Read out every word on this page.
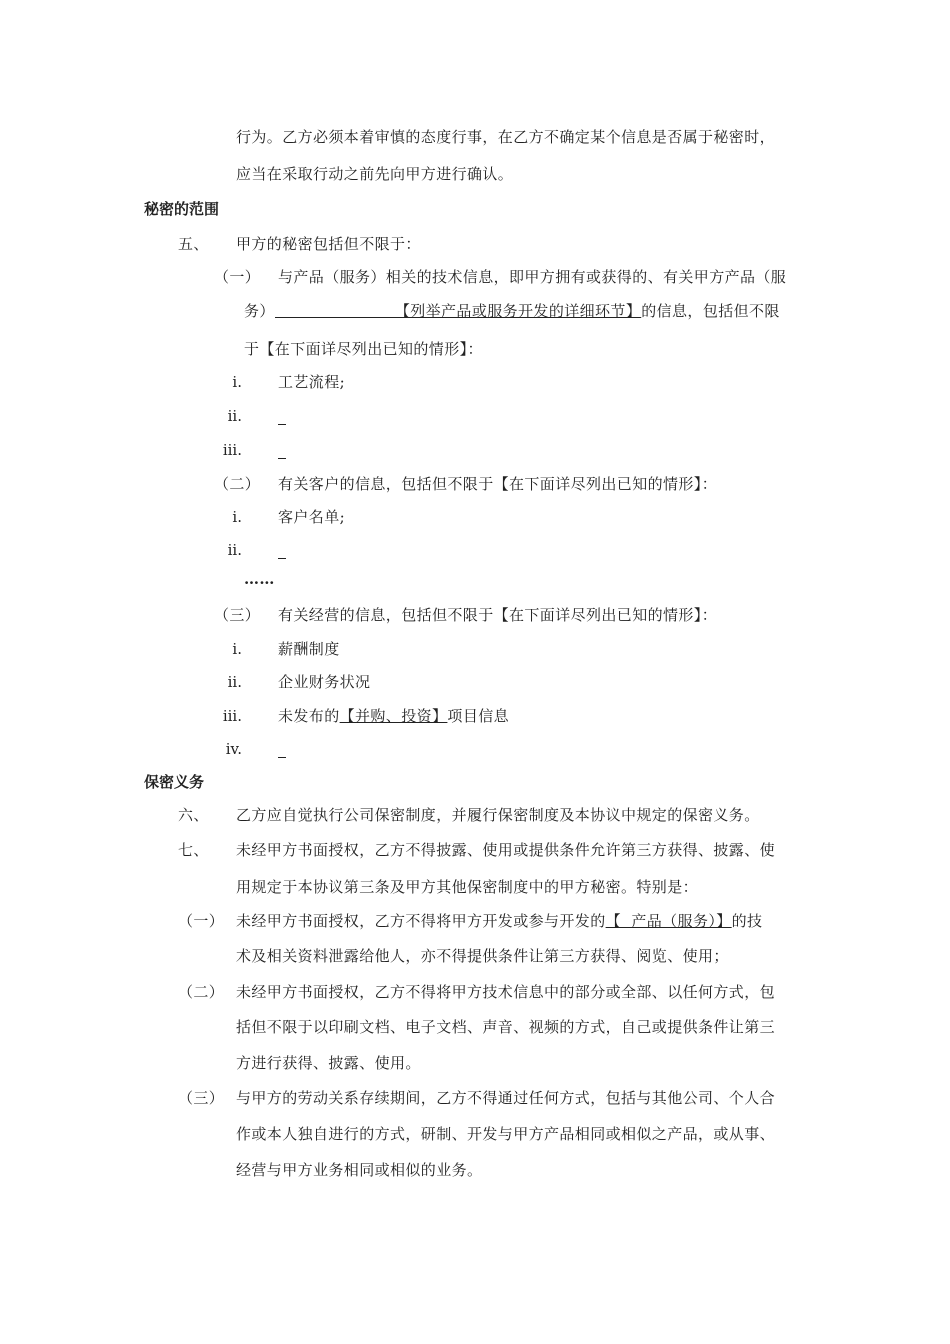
行为。乙方必须本着审慎的态度行事，在乙方不确定某个信息是否属于秘密时，
应当在采取行动之前先向甲方进行确认。
秘密的范围
五、 甲方的秘密包括但不限于：
（一） 与产品（服务）相关的技术信息，即甲方拥有或获得的、有关甲方产品（服
务）	【列举产品或服务开发的详细环节】的信息，包括但不限
于【在下面详尽列出已知的情形】：
i. 工艺流程;
ii.
iii.
（二） 有关客户的信息，包括但不限于【在下面详尽列出已知的情形】：
i. 客户名单;
ii.
……
（三） 有关经营的信息，包括但不限于【在下面详尽列出已知的情形】：
i. 薪酬制度
ii. 企业财务状况
iii. 未发布的【并购、投资】项目信息
iv.
保密义务
六、 乙方应自觉执行公司保密制度，并履行保密制度及本协议中规定的保密义务。
七、 未经甲方书面授权，乙方不得披露、使用或提供条件允许第三方获得、披露、使
用规定于本协议第三条及甲方其他保密制度中的甲方秘密。特别是：
（一） 未经甲方书面授权，乙方不得将甲方开发或参与开发的【  产品（服务）】的技
术及相关资料泄露给他人，亦不得提供条件让第三方获得、阅览、使用；
（二） 未经甲方书面授权，乙方不得将甲方技术信息中的部分或全部、以任何方式，包
括但不限于以印刷文档、电子文档、声音、视频的方式，自己或提供条件让第三
方进行获得、披露、使用。
（三） 与甲方的劳动关系存续期间，乙方不得通过任何方式，包括与其他公司、个人合
作或本人独自进行的方式，研制、开发与甲方产品相同或相似之产品，或从事、
经营与甲方业务相同或相似的业务。
